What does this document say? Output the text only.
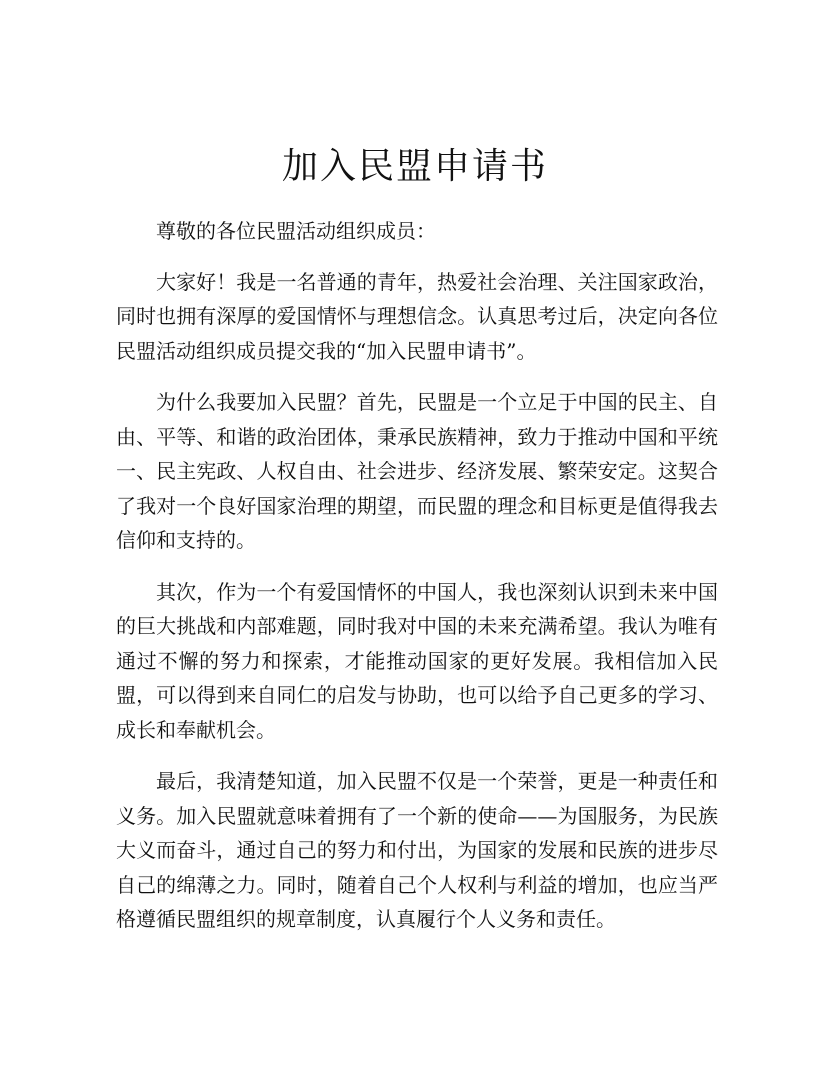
加入民盟申请书

尊敬的各位民盟活动组织成员：

大家好！我是一名普通的青年，热爱社会治理、关注国家政治，同时也拥有深厚的爱国情怀与理想信念。认真思考过后，决定向各位民盟活动组织成员提交我的“加入民盟申请书”。

为什么我要加入民盟？首先，民盟是一个立足于中国的民主、自由、平等、和谐的政治团体，秉承民族精神，致力于推动中国和平统一、民主宪政、人权自由、社会进步、经济发展、繁荣安定。这契合了我对一个良好国家治理的期望，而民盟的理念和目标更是值得我去信仰和支持的。

其次，作为一个有爱国情怀的中国人，我也深刻认识到未来中国的巨大挑战和内部难题，同时我对中国的未来充满希望。我认为唯有通过不懈的努力和探索，才能推动国家的更好发展。我相信加入民盟，可以得到来自同仁的启发与协助，也可以给予自己更多的学习、成长和奉献机会。

最后，我清楚知道，加入民盟不仅是一个荣誉，更是一种责任和义务。加入民盟就意味着拥有了一个新的使命——为国服务，为民族大义而奋斗，通过自己的努力和付出，为国家的发展和民族的进步尽自己的绵薄之力。同时，随着自己个人权利与利益的增加，也应当严格遵循民盟组织的规章制度，认真履行个人义务和责任。
